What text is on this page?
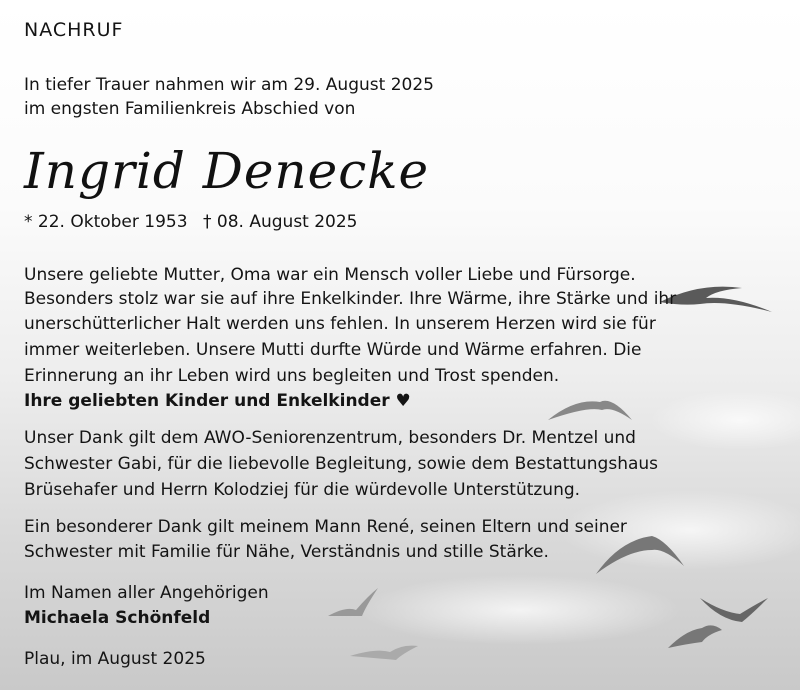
NACHRUF
In tiefer Trauer nahmen wir am 29. August 2025
im engsten Familienkreis Abschied von
Ingrid Denecke
* 22. Oktober 1953 † 08. August 2025
Unsere geliebte Mutter, Oma war ein Mensch voller Liebe und Fürsorge.
Besonders stolz war sie auf ihre Enkelkinder. Ihre Wärme, ihre Stärke und ihr
unerschütterlicher Halt werden uns fehlen. In unserem Herzen wird sie für
immer weiterleben. Unsere Mutti durfte Würde und Wärme erfahren. Die
Erinnerung an ihr Leben wird uns begleiten und Trost spenden.
Ihre geliebten Kinder und Enkelkinder ♥
Unser Dank gilt dem AWO-Seniorenzentrum, besonders Dr. Mentzel und
Schwester Gabi, für die liebevolle Begleitung, sowie dem Bestattungshaus
Brüsehafer und Herrn Kolodziej für die würdevolle Unterstützung.
Ein besonderer Dank gilt meinem Mann René, seinen Eltern und seiner
Schwester mit Familie für Nähe, Verständnis und stille Stärke.
Im Namen aller Angehörigen
Michaela Schönfeld
Plau, im August 2025
